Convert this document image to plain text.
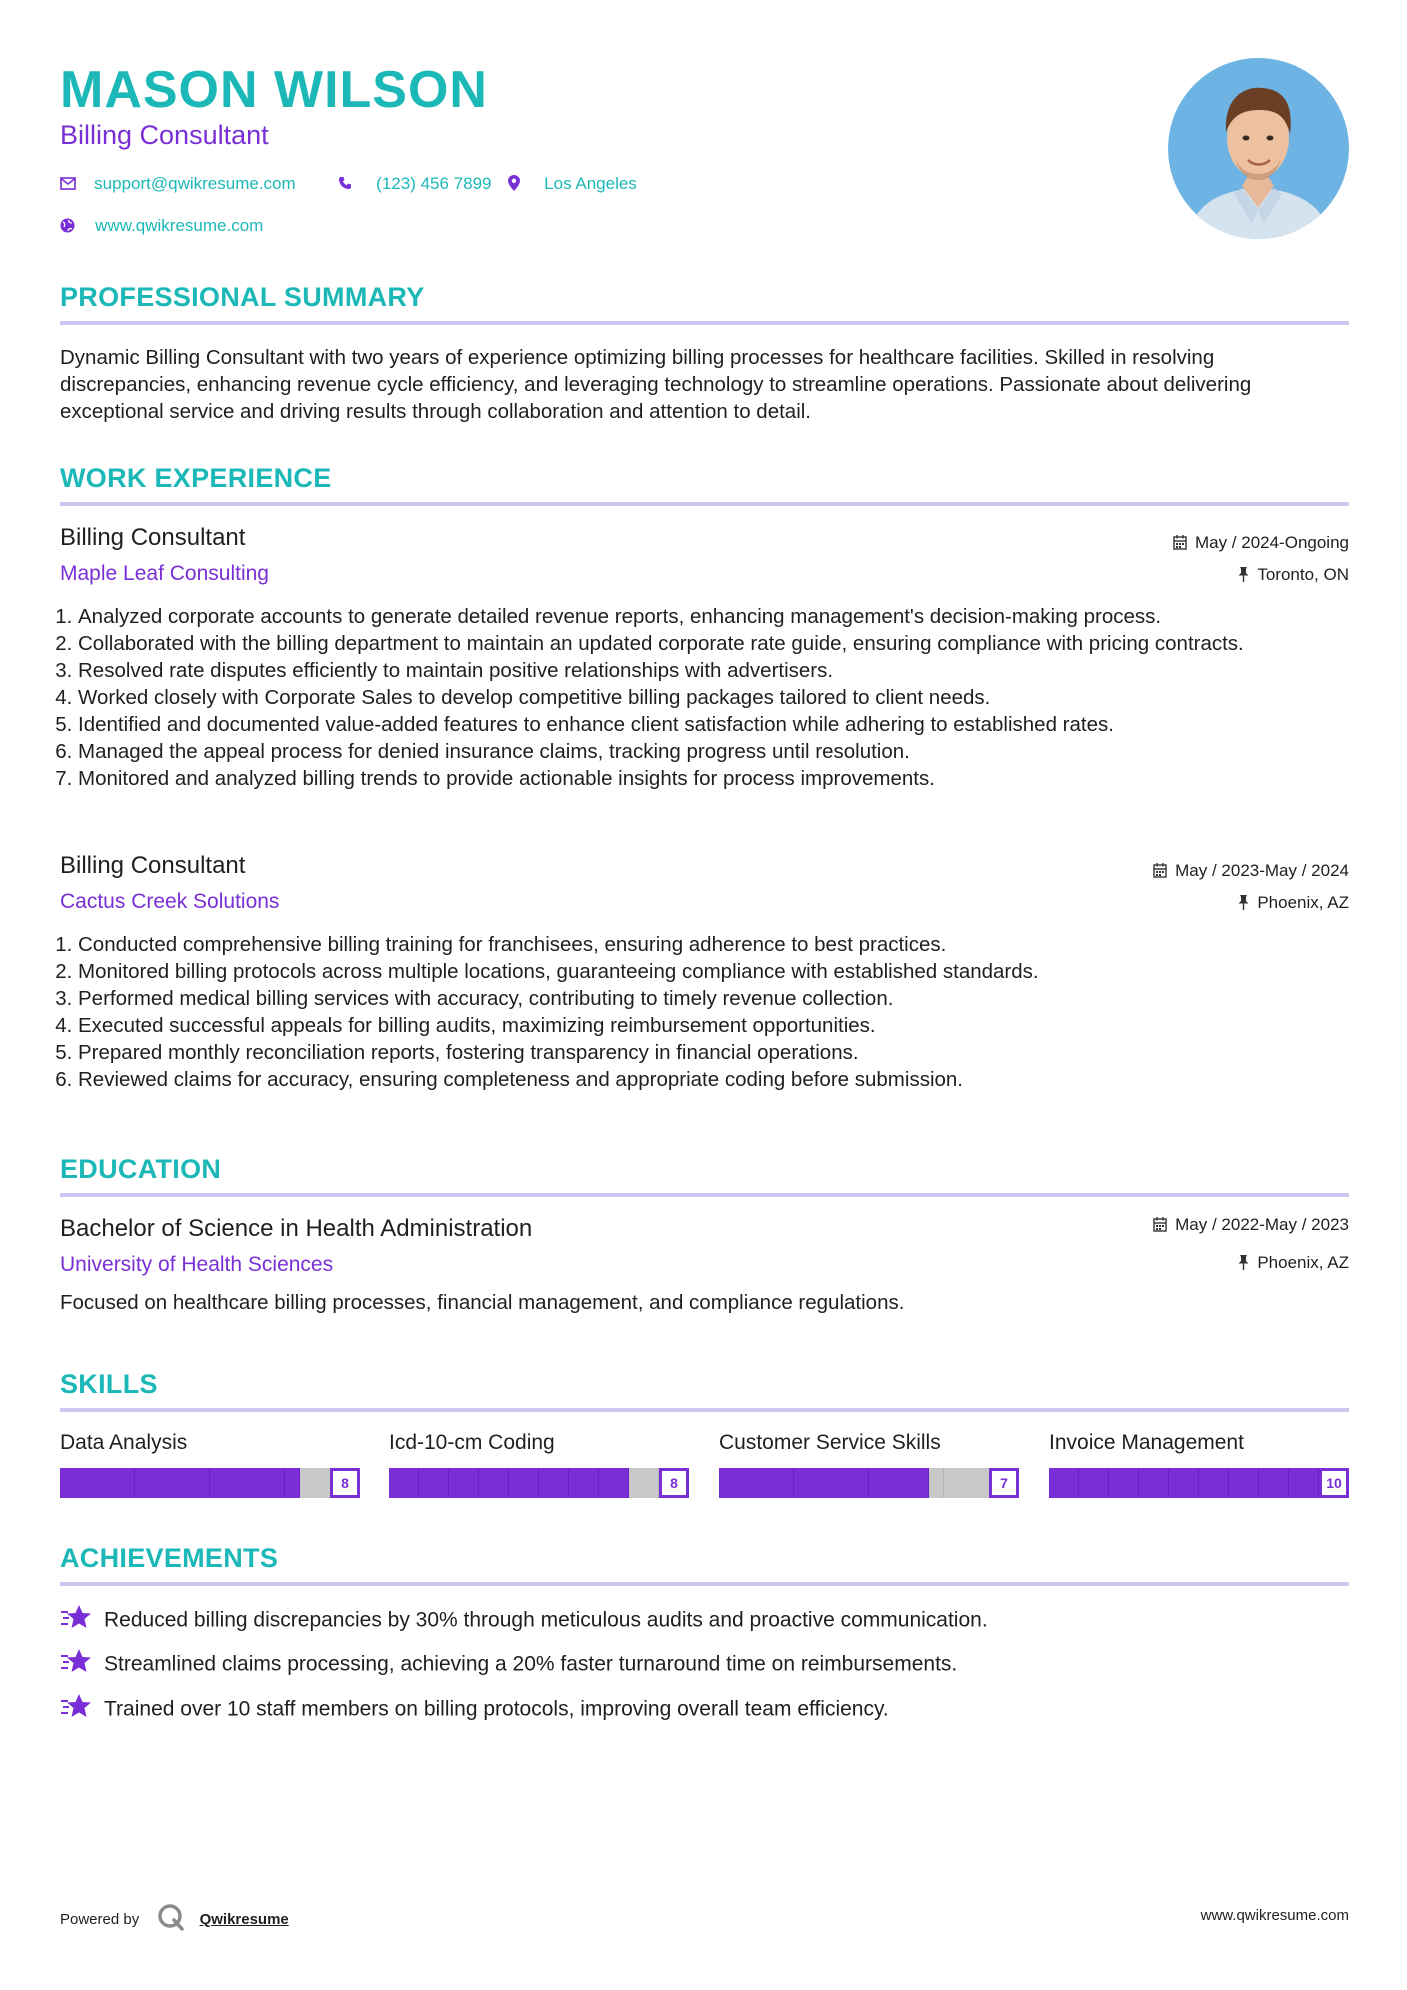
MASON WILSON
Billing Consultant
support@qwikresume.com	(123) 456 7899	Los Angeles
www.qwikresume.com
PROFESSIONAL SUMMARY
Dynamic Billing Consultant with two years of experience optimizing billing processes for healthcare facilities. Skilled in resolving discrepancies, enhancing revenue cycle efficiency, and leveraging technology to streamline operations. Passionate about delivering exceptional service and driving results through collaboration and attention to detail.
WORK EXPERIENCE
Billing Consultant
Maple Leaf Consulting
May / 2024-Ongoing
Toronto, ON
1. Analyzed corporate accounts to generate detailed revenue reports, enhancing management's decision-making process.
2. Collaborated with the billing department to maintain an updated corporate rate guide, ensuring compliance with pricing contracts.
3. Resolved rate disputes efficiently to maintain positive relationships with advertisers.
4. Worked closely with Corporate Sales to develop competitive billing packages tailored to client needs.
5. Identified and documented value-added features to enhance client satisfaction while adhering to established rates.
6. Managed the appeal process for denied insurance claims, tracking progress until resolution.
7. Monitored and analyzed billing trends to provide actionable insights for process improvements.
Billing Consultant
Cactus Creek Solutions
May / 2023-May / 2024
Phoenix, AZ
1. Conducted comprehensive billing training for franchisees, ensuring adherence to best practices.
2. Monitored billing protocols across multiple locations, guaranteeing compliance with established standards.
3. Performed medical billing services with accuracy, contributing to timely revenue collection.
4. Executed successful appeals for billing audits, maximizing reimbursement opportunities.
5. Prepared monthly reconciliation reports, fostering transparency in financial operations.
6. Reviewed claims for accuracy, ensuring completeness and appropriate coding before submission.
EDUCATION
Bachelor of Science in Health Administration
University of Health Sciences
May / 2022-May / 2023
Phoenix, AZ
Focused on healthcare billing processes, financial management, and compliance regulations.
SKILLS
Data Analysis
8
Icd-10-cm Coding
8
Customer Service Skills
7
Invoice Management
10
ACHIEVEMENTS
Reduced billing discrepancies by 30% through meticulous audits and proactive communication.
Streamlined claims processing, achieving a 20% faster turnaround time on reimbursements.
Trained over 10 staff members on billing protocols, improving overall team efficiency.
Powered by	Qwikresume	www.qwikresume.com
